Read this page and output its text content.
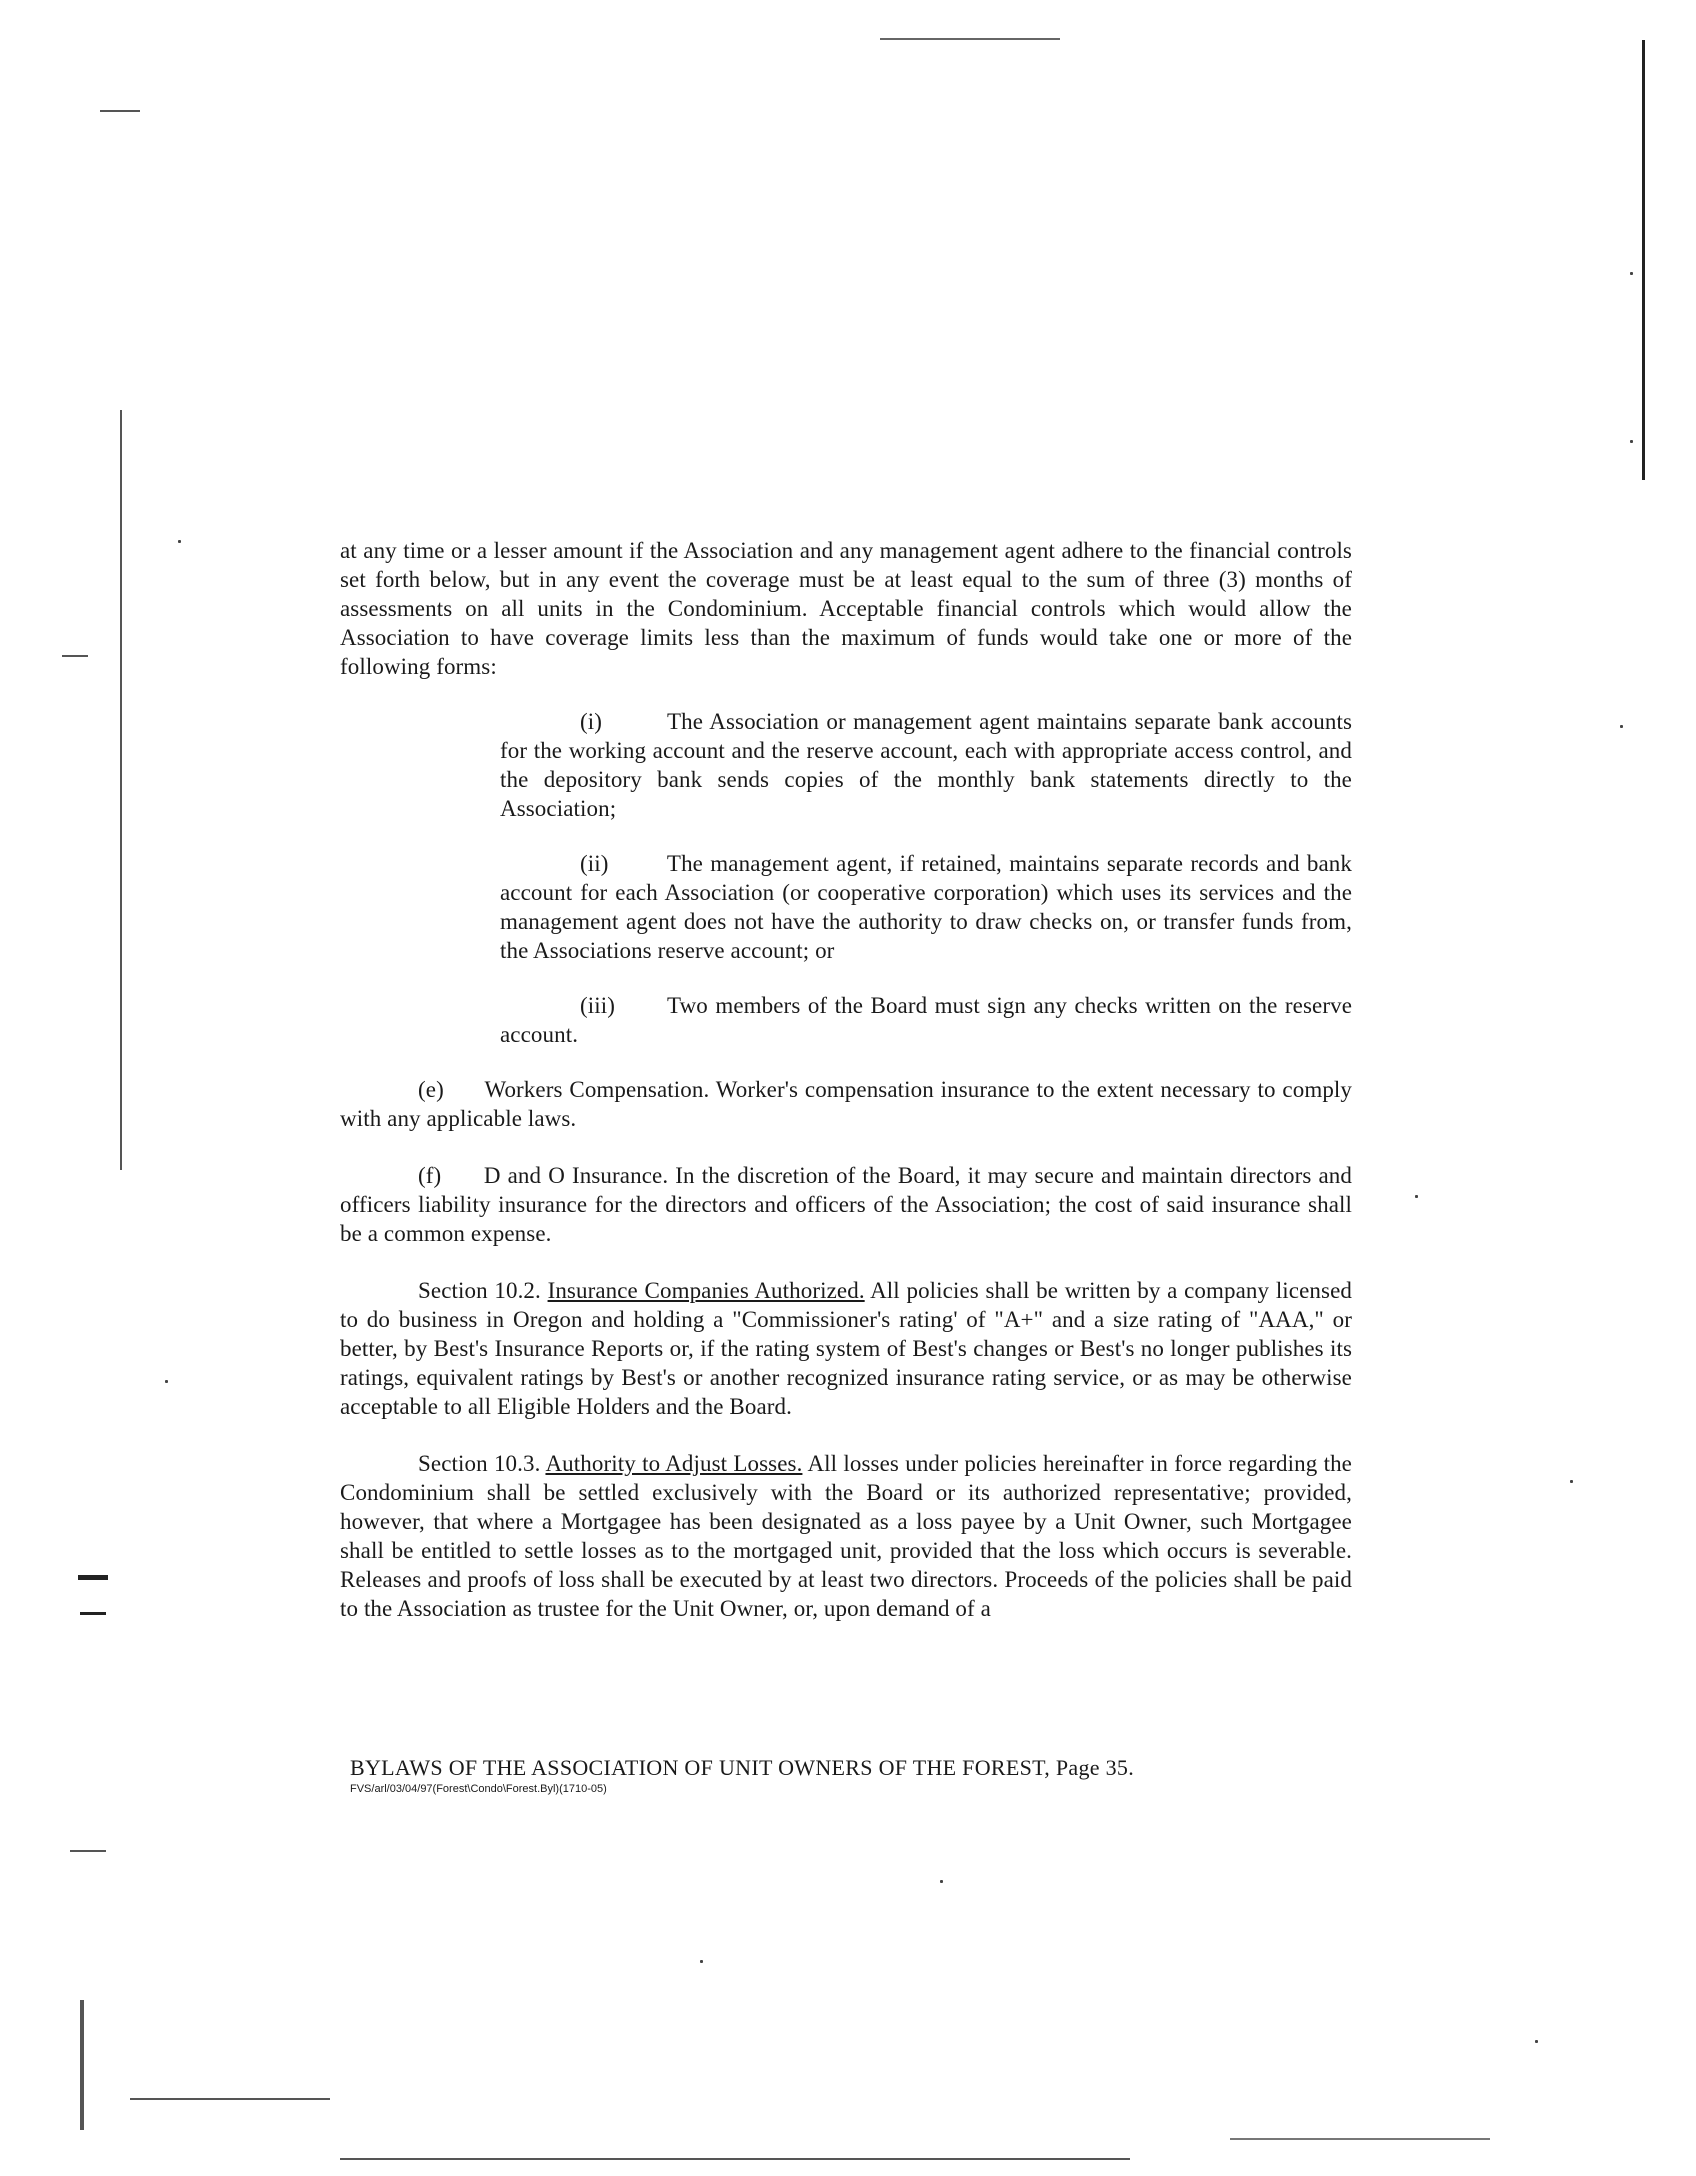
at any time or a lesser amount if the Association and any management agent adhere to the financial controls set forth below, but in any event the coverage must be at least equal to the sum of three (3) months of assessments on all units in the Condominium. Acceptable financial controls which would allow the Association to have coverage limits less than the maximum of funds would take one or more of the following forms:

(i)	The Association or management agent maintains separate bank accounts for the working account and the reserve account, each with appropriate access control, and the depository bank sends copies of the monthly bank statements directly to the Association;

(ii)	The management agent, if retained, maintains separate records and bank account for each Association (or cooperative corporation) which uses its services and the management agent does not have the authority to draw checks on, or transfer funds from, the Associations reserve account; or

(iii) Two members of the Board must sign any checks written on the reserve account.

(e) Workers Compensation. Worker's compensation insurance to the extent necessary to comply with any applicable laws.

(f) D and O Insurance. In the discretion of the Board, it may secure and maintain directors and officers liability insurance for the directors and officers of the Association; the cost of said insurance shall be a common expense.

Section 10.2. Insurance Companies Authorized. All policies shall be written by a company licensed to do business in Oregon and holding a "Commissioner's rating' of "A+" and a size rating of "AAA," or better, by Best's Insurance Reports or, if the rating system of Best's changes or Best's no longer publishes its ratings, equivalent ratings by Best's or another recognized insurance rating service, or as may be otherwise acceptable to all Eligible Holders and the Board.

Section 10.3. Authority to Adjust Losses. All losses under policies hereinafter in force regarding the Condominium shall be settled exclusively with the Board or its authorized representative; provided, however, that where a Mortgagee has been designated as a loss payee by a Unit Owner, such Mortgagee shall be entitled to settle losses as to the mortgaged unit, provided that the loss which occurs is severable. Releases and proofs of loss shall be executed by at least two directors. Proceeds of the policies shall be paid to the Association as trustee for the Unit Owner, or, upon demand of a

BYLAWS OF THE ASSOCIATION OF UNIT OWNERS OF THE FOREST, Page 35.
FVS/arl/03/04/97(Forest\Condo\Forest.Byl)(1710-05)
